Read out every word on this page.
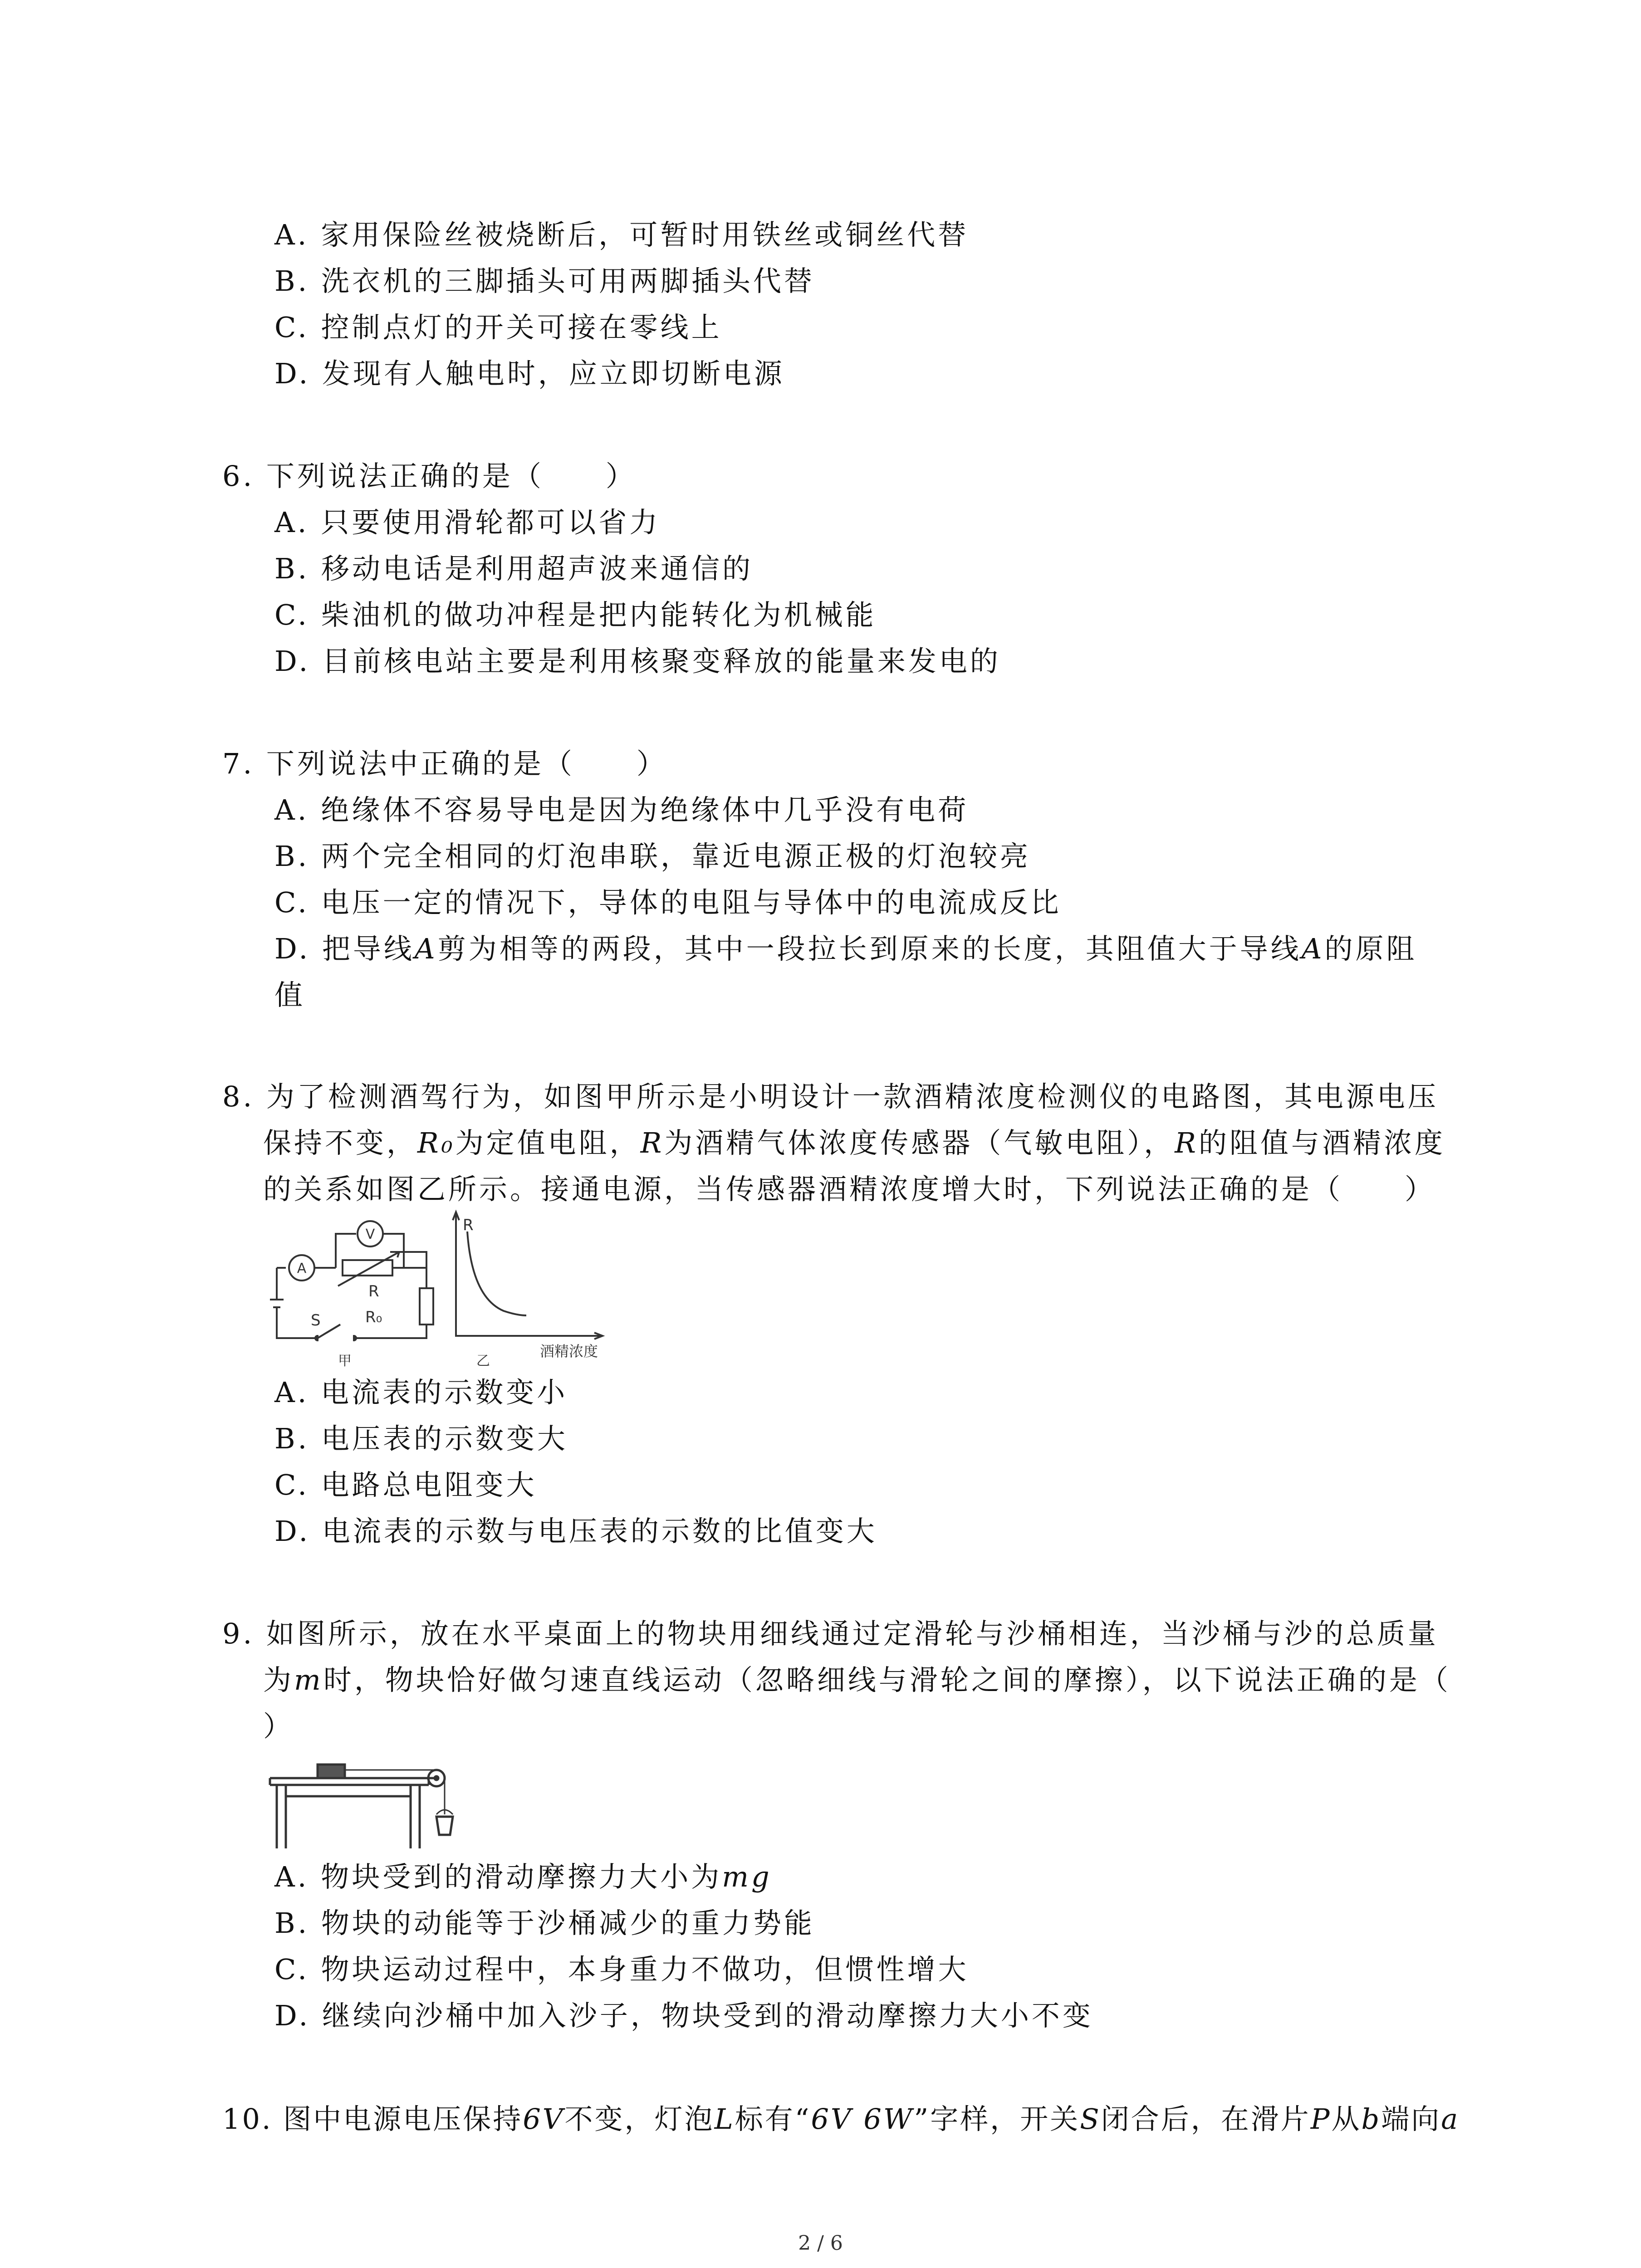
A. 家用保险丝被烧断后，可暂时用铁丝或铜丝代替
B. 洗衣机的三脚插头可用两脚插头代替
C. 控制点灯的开关可接在零线上
D. 发现有人触电时，应立即切断电源
6. 下列说法正确的是（　　）
A. 只要使用滑轮都可以省力
B. 移动电话是利用超声波来通信的
C. 柴油机的做功冲程是把内能转化为机械能
D. 目前核电站主要是利用核聚变释放的能量来发电的
7. 下列说法中正确的是（　　）
A. 绝缘体不容易导电是因为绝缘体中几乎没有电荷
B. 两个完全相同的灯泡串联，靠近电源正极的灯泡较亮
C. 电压一定的情况下，导体的电阻与导体中的电流成反比
D. 把导线A剪为相等的两段，其中一段拉长到原来的长度，其阻值大于导线A的原阻
值
8. 为了检测酒驾行为，如图甲所示是小明设计一款酒精浓度检测仪的电路图，其电源电压
保持不变，R₀为定值电阻，R为酒精气体浓度传感器（气敏电阻），R的阻值与酒精浓度
的关系如图乙所示。接通电源，当传感器酒精浓度增大时，下列说法正确的是（　　）
A
V
R
R₀
S
甲
R
酒精浓度
乙
A. 电流表的示数变小
B. 电压表的示数变大
C. 电路总电阻变大
D. 电流表的示数与电压表的示数的比值变大
9. 如图所示，放在水平桌面上的物块用细线通过定滑轮与沙桶相连，当沙桶与沙的总质量
为m时，物块恰好做匀速直线运动（忽略细线与滑轮之间的摩擦），以下说法正确的是（
）
A. 物块受到的滑动摩擦力大小为mg
B. 物块的动能等于沙桶减少的重力势能
C. 物块运动过程中，本身重力不做功，但惯性增大
D. 继续向沙桶中加入沙子，物块受到的滑动摩擦力大小不变
10. 图中电源电压保持6V不变，灯泡L标有“6V 6W”字样，开关S闭合后，在滑片P从b端向a
2 / 6
